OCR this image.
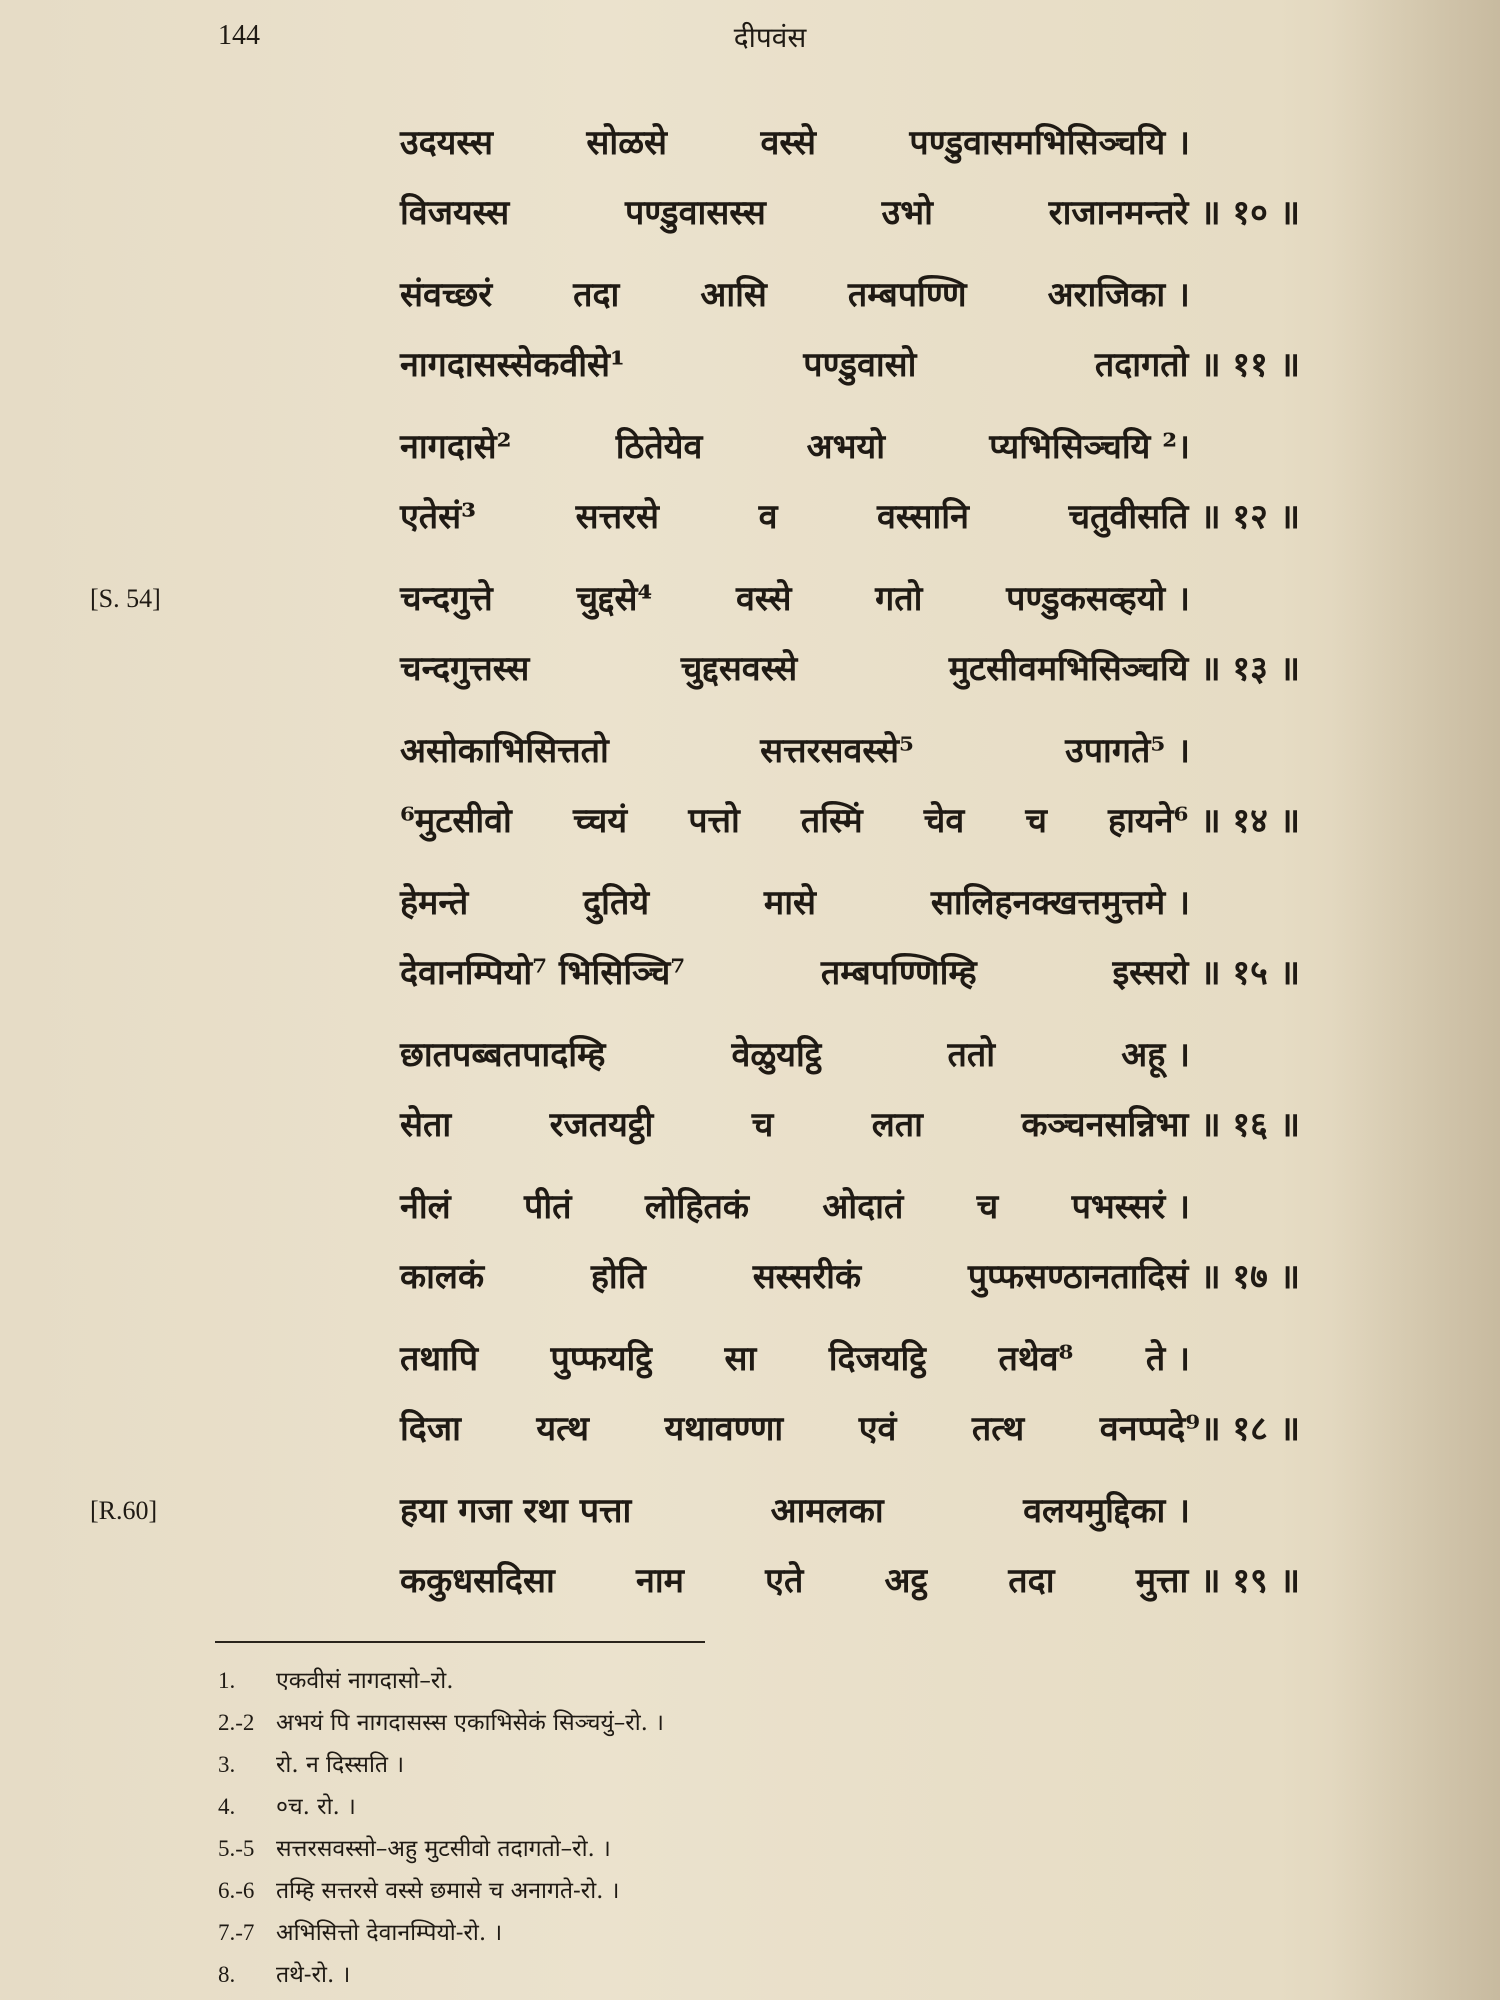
144	दीपवंस
उदयस्स	सोळसे	वस्से	पण्डुवासमभिसिञ्चयि ।
विजयस्स	पण्डुवासस्स	उभो	राजानमन्तरे ॥ १० ॥
संवच्छरं तदा आसि तम्बपण्णि अराजिका ।
नागदासस्सेकवीसे¹	पण्डुवासो	तदागतो ॥ ११ ॥
नागदासे²	ठितेयेव	अभयो	प्यभिसिञ्चयि ²।
एतेसं³	सत्तरसे	व	वस्सानि	चतुवीसति ॥ १२ ॥
[S. 54]	चन्दगुत्ते चुद्दसे⁴ वस्से गतो पण्डुकसव्हयो ।
चन्दगुत्तस्स	चुद्दसवस्से	मुटसीवमभिसिञ्चयि ॥ १३ ॥
असोकाभिसित्ततो	सत्तरसवस्से⁵	उपागते⁵ ।
⁶मुटसीवो च्चयं पत्तो तस्मिं चेव च हायने⁶ ॥ १४ ॥
हेमन्ते	दुतिये	मासे	सालिहनक्खत्तमुत्तमे ।
देवानम्पियो⁷ भिसिञ्चि⁷	तम्बपण्णिम्हि	इस्सरो ॥ १५ ॥
छातपब्बतपादम्हि	वेळुयट्ठि	ततो	अहू ।
सेता	रजतयट्ठी	च	लता	कञ्चनसन्निभा ॥ १६ ॥
नीलं पीतं लोहितकं ओदातं च पभस्सरं ।
कालकं	होति	सस्सरीकं	पुप्फसण्ठानतादिसं ॥ १७ ॥
तथापि पुप्फयट्ठि सा दिजयट्ठि तथेव⁸ ते ।
दिजा यत्थ यथावण्णा एवं तत्थ वनप्पदे⁹॥ १८ ॥
[R.60]	हया गजा रथा पत्ता	आमलका	वलयमुद्दिका ।
ककुधसदिसा नाम एते अट्ठ तदा मुत्ता ॥ १९ ॥
1.	एकवीसं नागदासो–रो.
2.-2 अभयं पि नागदासस्स एकाभिसेकं सिञ्चयुं–रो. ।
3.	रो. न दिस्सति ।
4.	०च. रो. ।
5.-5 सत्तरसवस्सो–अहु मुटसीवो तदागतो–रो. ।
6.-6 तम्हि सत्तरसे वस्से छमासे च अनागते-रो. ।
7.-7 अभिसित्तो देवानम्पियो-रो. ।
8.	तथे-रो. ।
